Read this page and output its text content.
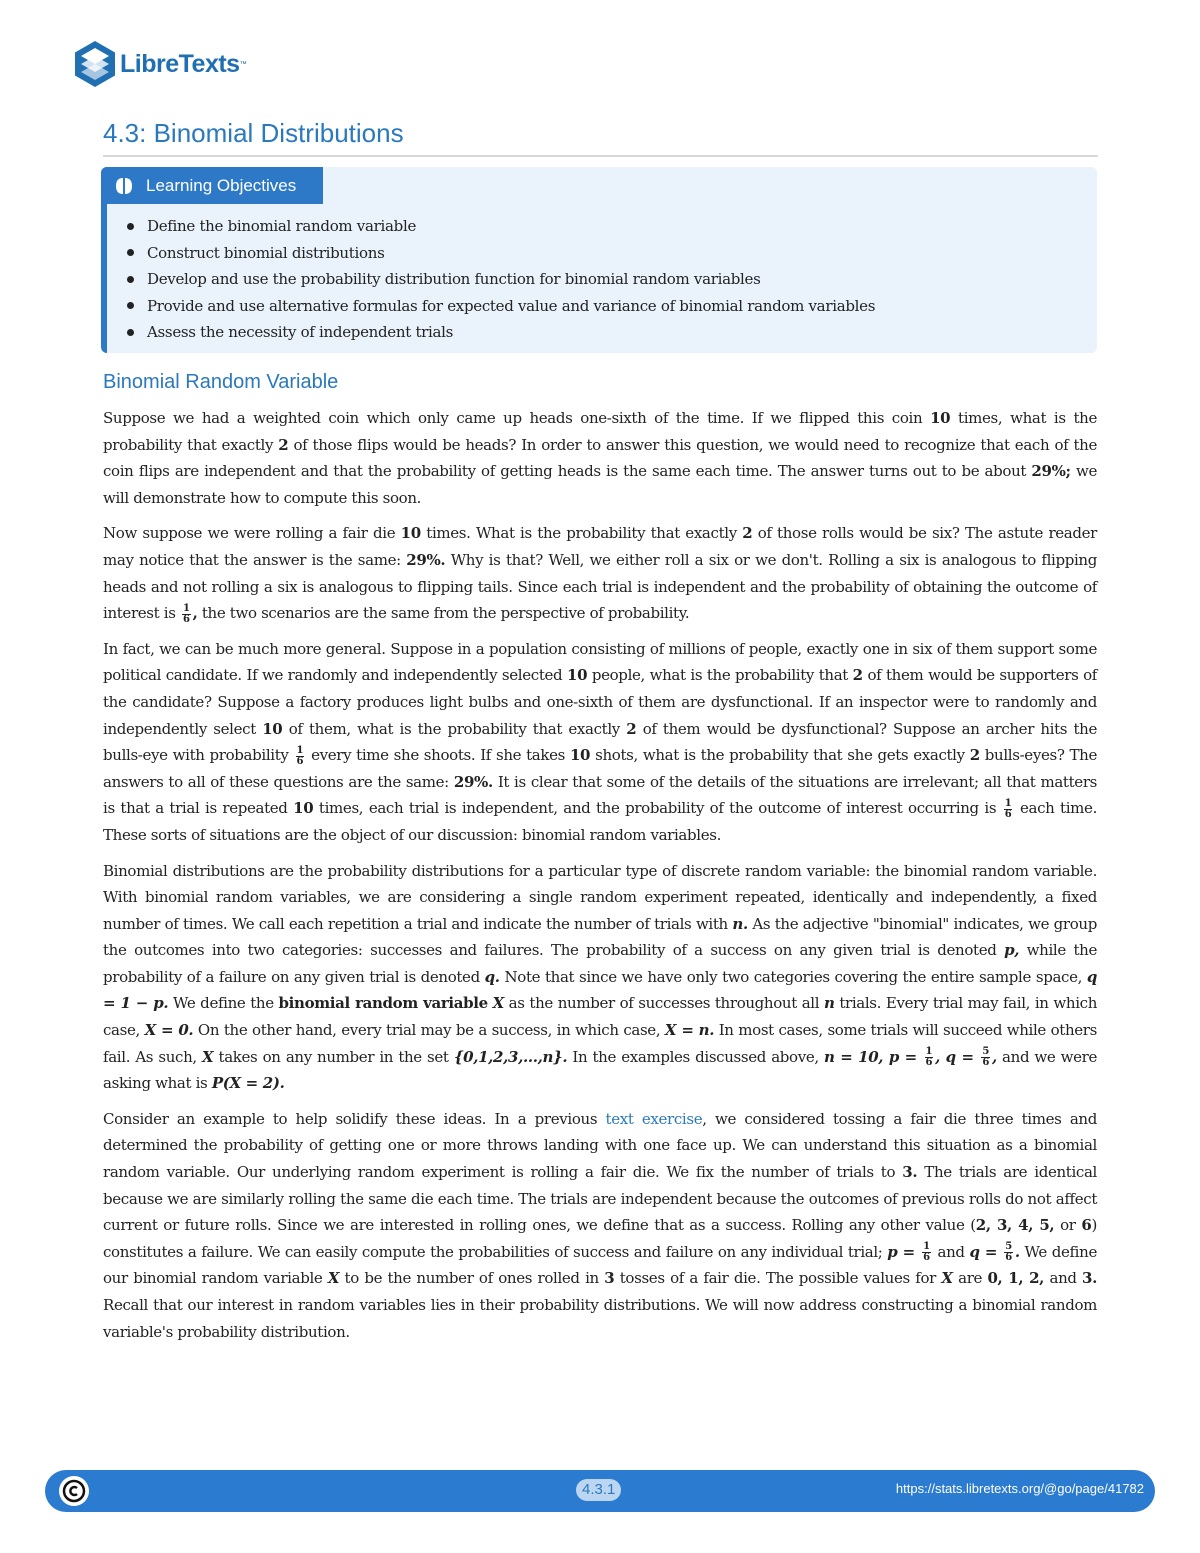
LibreTexts ™
4.3: Binomial Distributions
Learning Objectives
Define the binomial random variable
Construct binomial distributions
Develop and use the probability distribution function for binomial random variables
Provide and use alternative formulas for expected value and variance of binomial random variables
Assess the necessity of independent trials
Binomial Random Variable

Suppose we had a weighted coin which only came up heads one-sixth of the time. If we flipped this coin 10 times, what is the probability that exactly 2 of those flips would be heads? In order to answer this question, we would need to recognize that each of the coin flips are independent and that the probability of getting heads is the same each time. The answer turns out to be about 29%; we will demonstrate how to compute this soon.

Now suppose we were rolling a fair die 10 times. What is the probability that exactly 2 of those rolls would be six? The astute reader may notice that the answer is the same: 29%. Why is that? Well, we either roll a six or we don't. Rolling a six is analogous to flipping heads and not rolling a six is analogous to flipping tails. Since each trial is independent and the probability of obtaining the outcome of interest is $\frac{1}{6}$ , the two scenarios are the same from the perspective of probability.

In fact, we can be much more general. Suppose in a population consisting of millions of people, exactly one in six of them support some political candidate. If we randomly and independently selected 10 people, what is the probability that 2 of them would be supporters of the candidate? Suppose a factory produces light bulbs and one-sixth of them are dysfunctional. If an inspector were to randomly and independently select 10 of them, what is the probability that exactly 2 of them would be dysfunctional? Suppose an archer hits the bulls-eye with probability $\frac{1}{6}$ every time she shoots. If she takes 10 shots, what is the probability that she gets exactly 2 bulls-eyes? The answers to all of these questions are the same: 29%. It is clear that some of the details of the situations are irrelevant; all that matters is that a trial is repeated 10 times, each trial is independent, and the probability of the outcome of interest occurring is $\frac{1}{6}$ each time. These sorts of situations are the object of our discussion: binomial random variables.

Binomial distributions are the probability distributions for a particular type of discrete random variable: the binomial random variable. With binomial random variables, we are considering a single random experiment repeated, identically and independently, a fixed number of times. We call each repetition a trial and indicate the number of trials with n. As the adjective "binomial" indicates, we group the outcomes into two categories: successes and failures. The probability of a success on any given trial is denoted p, while the probability of a failure on any given trial is denoted q. Note that since we have only two categories covering the entire sample space, q = 1 − p. We define the binomial random variable X as the number of successes throughout all n trials. Every trial may fail, in which case, X = 0. On the other hand, every trial may be a success, in which case, X = n. In most cases, some trials will succeed while others fail. As such, X takes on any number in the set {0,1,2,3,…,n}. In the examples discussed above, n = 10, $p = \frac{1}{6}$ , $q = \frac{5}{6}$ , and we were asking what is P(X = 2).

Consider an example to help solidify these ideas. In a previous text exercise, we considered tossing a fair die three times and determined the probability of getting one or more throws landing with one face up. We can understand this situation as a binomial random variable. Our underlying random experiment is rolling a fair die. We fix the number of trials to 3. The trials are identical because we are similarly rolling the same die each time. The trials are independent because the outcomes of previous rolls do not affect current or future rolls. Since we are interested in rolling ones, we define that as a success. Rolling any other value (2, 3, 4, 5, or 6) constitutes a failure. We can easily compute the probabilities of success and failure on any individual trial; $p = \frac{1}{6}$ and $q = \frac{5}{6}$ . We define our binomial random variable X to be the number of ones rolled in 3 tosses of a fair die. The possible values for X are 0, 1, 2, and 3. Recall that our interest in random variables lies in their probability distributions. We will now address constructing a binomial random variable's probability distribution.

4.3.1	https://stats.libretexts.org/@go/page/41782
